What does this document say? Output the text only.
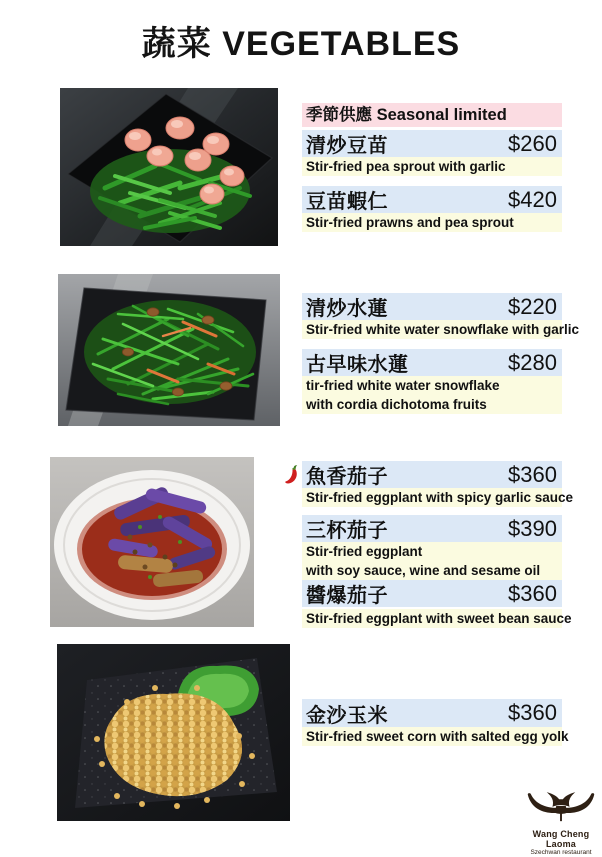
蔬菜 VEGETABLES
季節供應 Seasonal limited
清炒豆苗	$260
Stir-fried pea sprout with garlic
豆苗蝦仁	$420
Stir-fried prawns and pea sprout
清炒水蓮	$220
Stir-fried white water snowflake with garlic
古早味水蓮	$280
tir-fried white water snowflake
with cordia dichotoma fruits
魚香茄子	$360
Stir-fried eggplant with spicy garlic sauce
三杯茄子	$390
Stir-fried eggplant
with soy sauce, wine and sesame oil
醬爆茄子	$360
Stir-fried eggplant with sweet bean sauce
金沙玉米	$360
Stir-fried sweet corn with salted egg yolk
Wang Cheng Laoma
Szechwan restaurant
